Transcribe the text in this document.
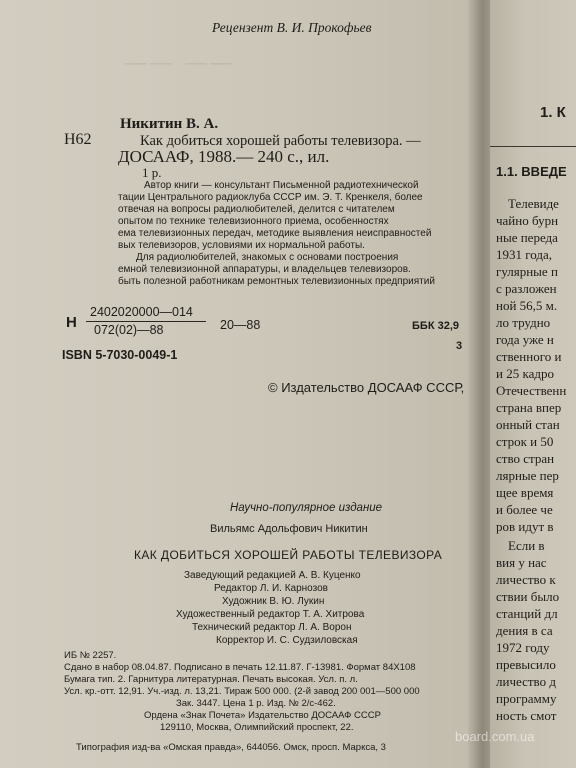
—— ——
Рецензент В. И. Прокофьев
Никитин В. А.
Н62	Как добиться хорошей работы телевизора. —
ДОСААФ, 1988.— 240 с., ил.
1 р.
Автор книги — консультант Письменной радиотехнической
тации Центрального радиоклуба СССР им. Э. Т. Кренкеля, более
отвечая на вопросы радиолюбителей, делится с читателем
опытом по технике телевизионного приема, особенностях
ема телевизионных передач, методике выявления неисправностей
вых телевизоров, условиями их нормальной работы.
Для радиолюбителей, знакомых с основами построения
емной телевизионной аппаратуры, и владельцев телевизоров.
быть полезной работникам ремонтных телевизионных предприятий
Н
2402020000—014
072(02)—88	20—88	ББК 32,9
3
ISBN 5-7030-0049-1
© Издательство ДОСААФ СССР,
Научно-популярное издание
Вильямс Адольфович Никитин
КАК ДОБИТЬСЯ ХОРОШЕЙ РАБОТЫ ТЕЛЕВИЗОРА
Заведующий редакцией А. В. Куценко
Редактор Л. И. Карнозов
Художник В. Ю. Лукин
Художественный редактор Т. А. Хитрова
Технический редактор Л. А. Ворон
Корректор И. С. Судзиловская
ИБ № 2257.
Сдано в набор 08.04.87. Подписано в печать 12.11.87. Г-13981. Формат 84Х108
Бумага тип. 2. Гарнитура литературная. Печать высокая. Усл. п. л.
Усл. кр.-отт. 12,91. Уч.-изд. л. 13,21. Тираж 500 000. (2-й завод 200 001—500 000
Зак. 3447. Цена 1 р. Изд. № 2/с-462.
Ордена «Знак Почета» Издательство ДОСААФ СССР
129110, Москва, Олимпийский проспект, 22.
Типография изд-ва «Омская правда», 644056. Омск, просп. Маркса, 3
1. К
1.1. ВВЕДЕ
Телевиде
чайно бурн
ные переда
1931 года,
гулярные п
с разложен
ной 56,5 м.
ло трудно
года уже н
ственного и
и 25 кадро
Отечественн
страна впер
онный стан
строк и 50
ство стран
лярные пер
щее время
и более че
ров идут в
Если в
вия у нас
личество к
ствии было
станций дл
дения в са
1972 году
превысило
личество д
программу
ность смот
board.com.ua
